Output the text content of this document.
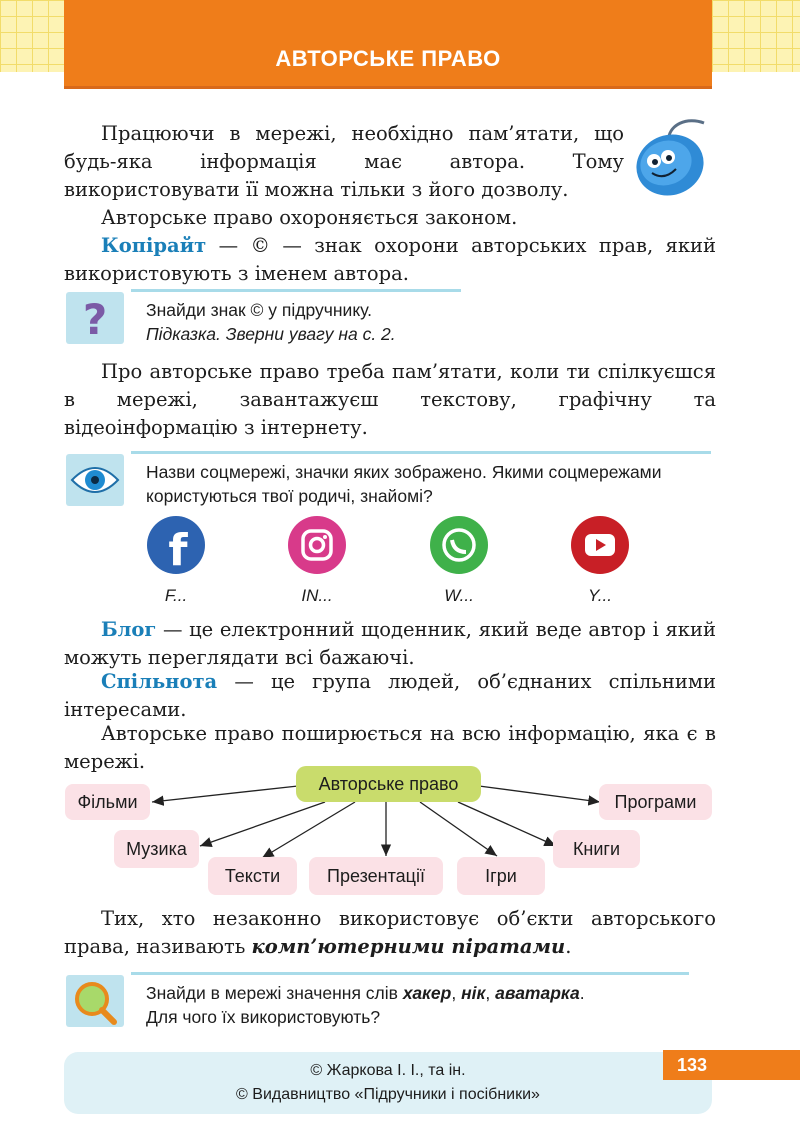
АВТОРСЬКЕ ПРАВО
Працюючи в мережі, необхідно пам’ятати, що будь-яка інформація має автора. Тому використовувати її можна тільки з його дозволу.
Авторське право охороняється законом.
Копірайт — © — знак охорони авторських прав, який використовують з іменем автора.
? Знайди знак © у підручнику.
Підказка. Зверни увагу на с. 2.
Про авторське право треба пам’ятати, коли ти спілкуєшся в мережі, завантажуєш текстову, графічну та відеоінформацію з інтернету.
Назви соцмережі, значки яких зображено. Якими соцмережами користуються твої родичі, знайомі?
f
F...	IN...	W...	Y...
Блог — це електронний щоденник, який веде автор і який можуть переглядати всі бажаючі.
Спільнота — це група людей, об’єднаних спільними інтересами.
Авторське право поширюється на всю інформацію, яка є в мережі.
Авторське право
Фільми	Програми
Музика	Книги
Тексти	Презентації	Ігри
Тих, хто незаконно використовує об’єкти авторського права, називають комп’ютерними піратами.
Знайди в мережі значення слів хакер, нік, аватарка.
Для чого їх використовують?
© Жаркова І. І., та ін.
© Видавництво «Підручники і посібники»
133
